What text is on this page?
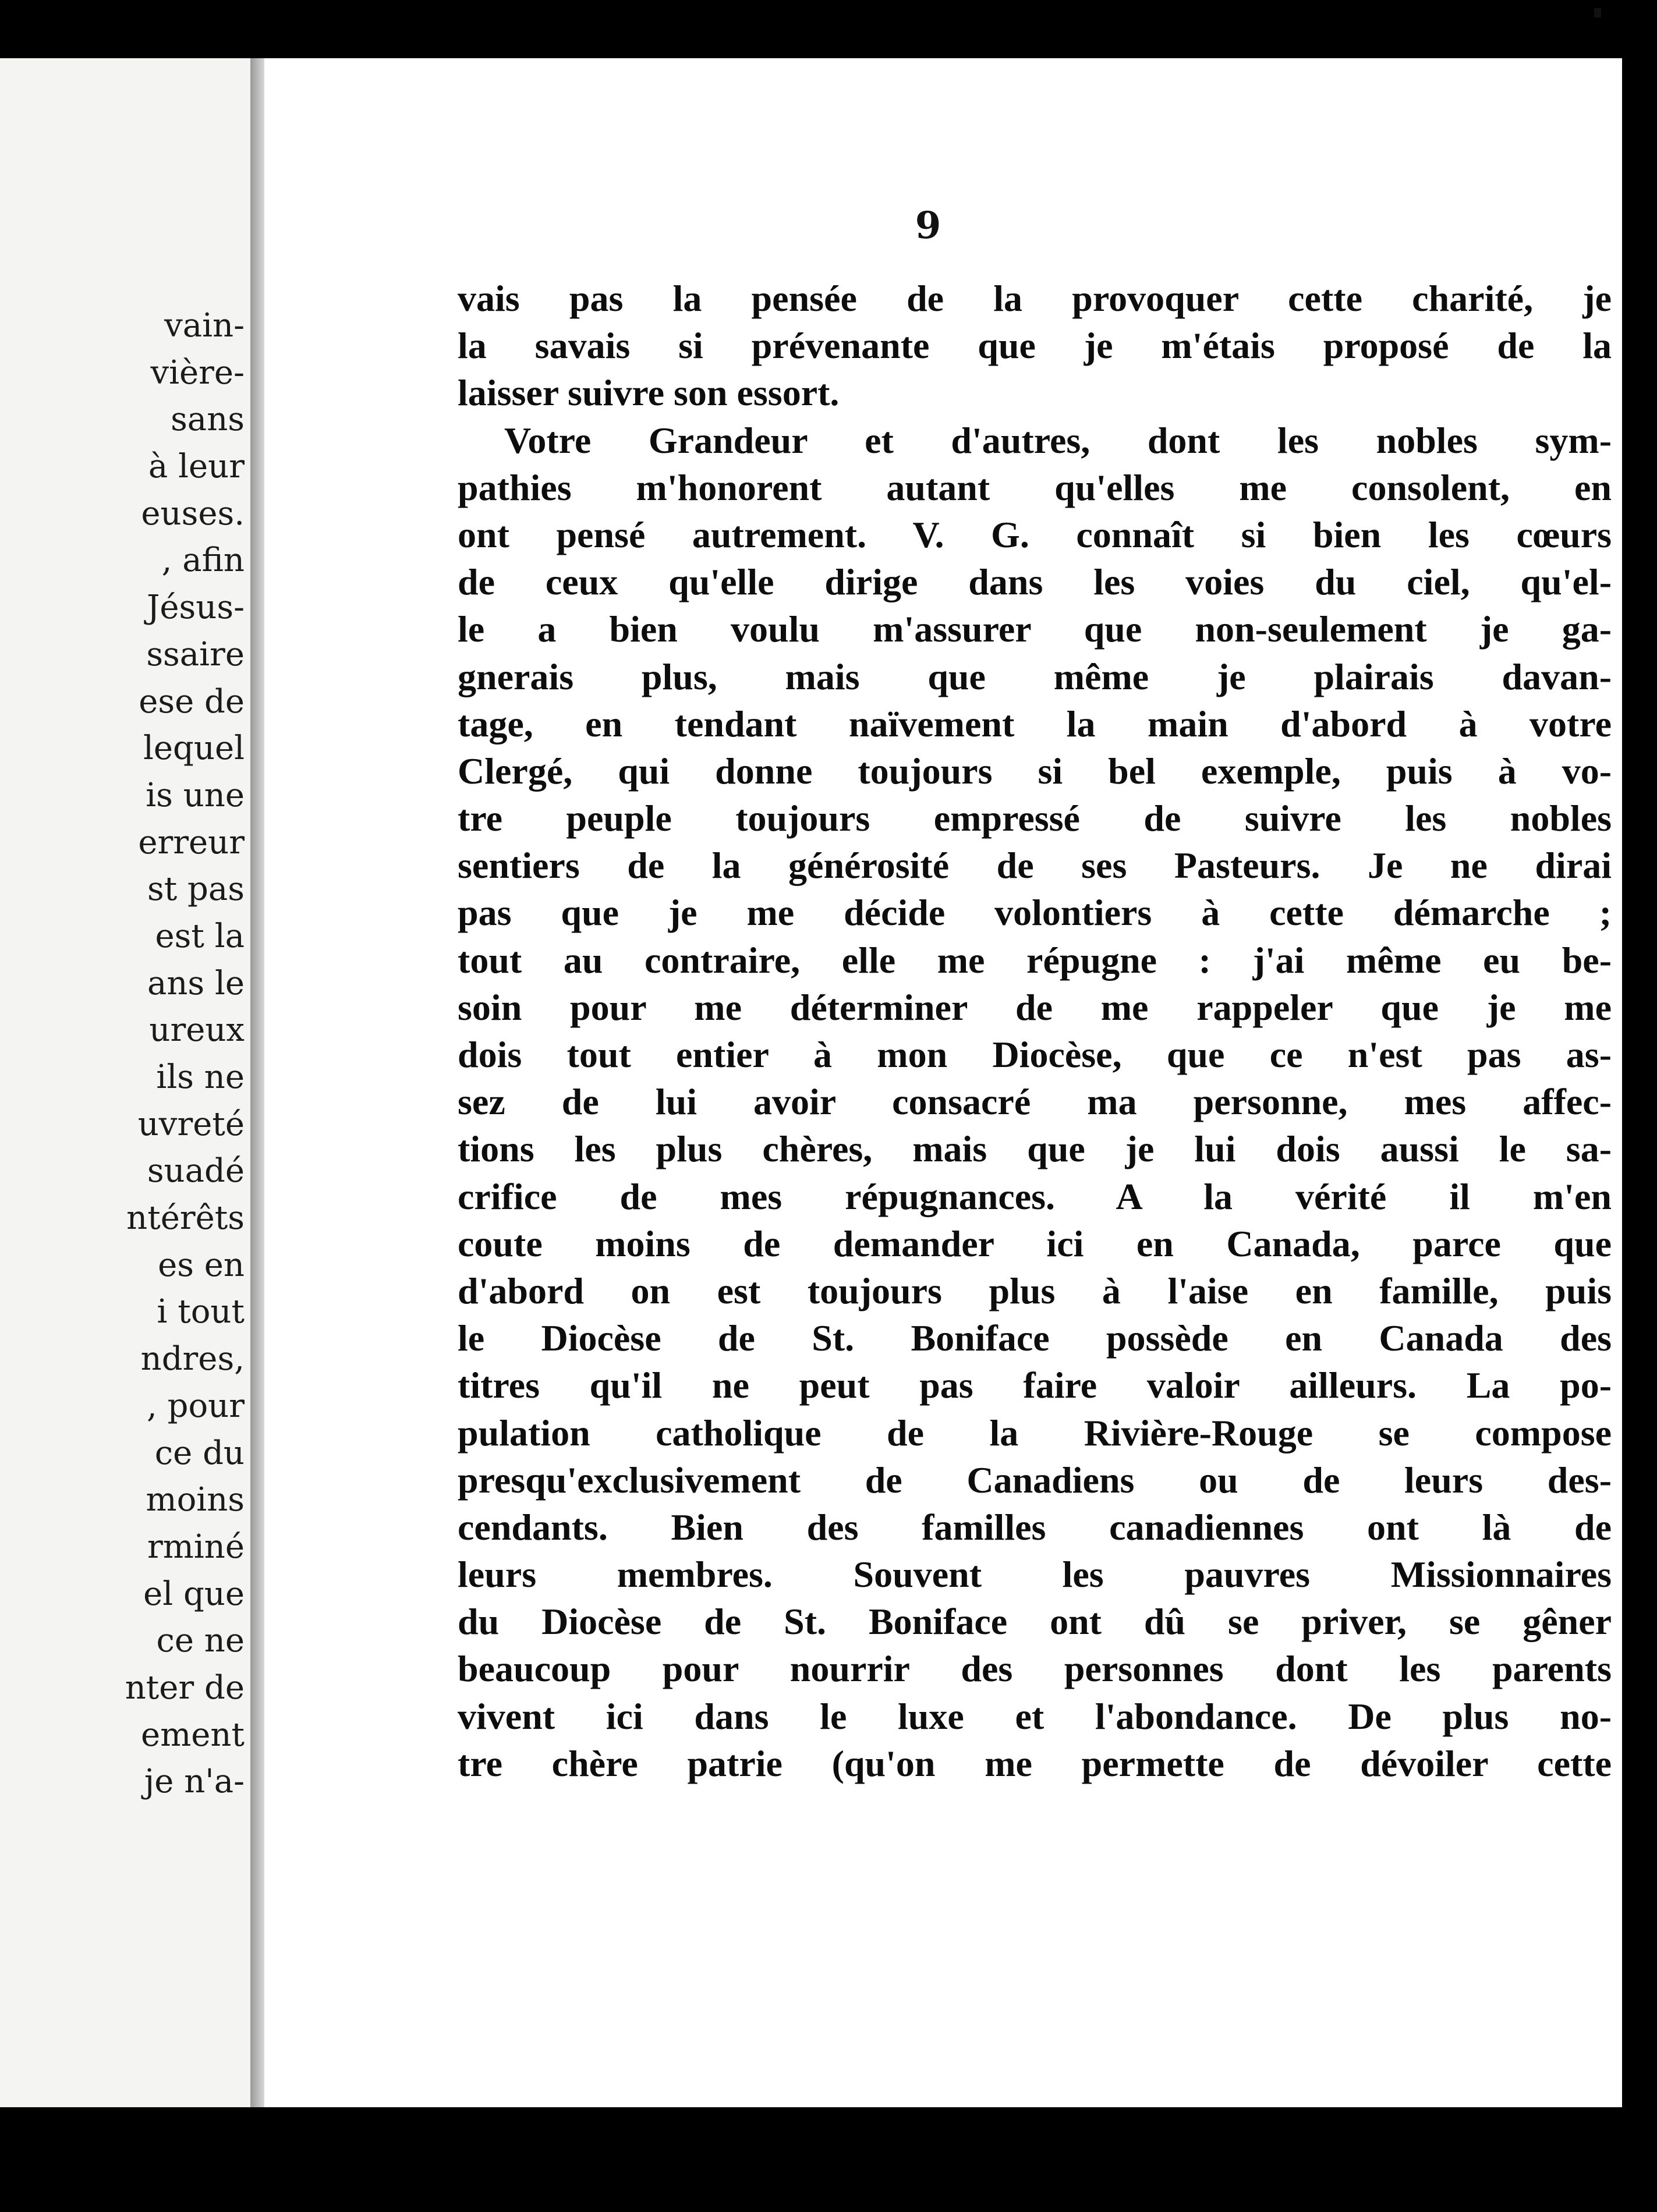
vain-
vière-
sans
à leur
euses.
, afin
Jésus-
ssaire
ese de
lequel
is une
erreur
st pas
est la
ans le
ureux
ils ne
uvreté
suadé
ntérêts
es en
i tout
ndres,
, pour
ce du
moins
rminé
el que
ce ne
nter de
ement
je n'a-
9
vais pas la pensée de la provoquer cette charité, je
la savais si prévenante que je m'étais proposé de la
laisser suivre son essort.
Votre Grandeur et d'autres, dont les nobles sym-
pathies m'honorent autant qu'elles me consolent, en
ont pensé autrement. V. G. connaît si bien les cœurs
de ceux qu'elle dirige dans les voies du ciel, qu'el-
le a bien voulu m'assurer que non-seulement je ga-
gnerais plus, mais que même je plairais davan-
tage, en tendant naïvement la main d'abord à votre
Clergé, qui donne toujours si bel exemple, puis à vo-
tre peuple toujours empressé de suivre les nobles
sentiers de la générosité de ses Pasteurs. Je ne dirai
pas que je me décide volontiers à cette démarche ;
tout au contraire, elle me répugne : j'ai même eu be-
soin pour me déterminer de me rappeler que je me
dois tout entier à mon Diocèse, que ce n'est pas as-
sez de lui avoir consacré ma personne, mes affec-
tions les plus chères, mais que je lui dois aussi le sa-
crifice de mes répugnances. A la vérité il m'en
coute moins de demander ici en Canada, parce que
d'abord on est toujours plus à l'aise en famille, puis
le Diocèse de St. Boniface possède en Canada des
titres qu'il ne peut pas faire valoir ailleurs. La po-
pulation catholique de la Rivière-Rouge se compose
presqu'exclusivement de Canadiens ou de leurs des-
cendants. Bien des familles canadiennes ont là de
leurs membres. Souvent les pauvres Missionnaires
du Diocèse de St. Boniface ont dû se priver, se gêner
beaucoup pour nourrir des personnes dont les parents
vivent ici dans le luxe et l'abondance. De plus no-
tre chère patrie (qu'on me permette de dévoiler cette
